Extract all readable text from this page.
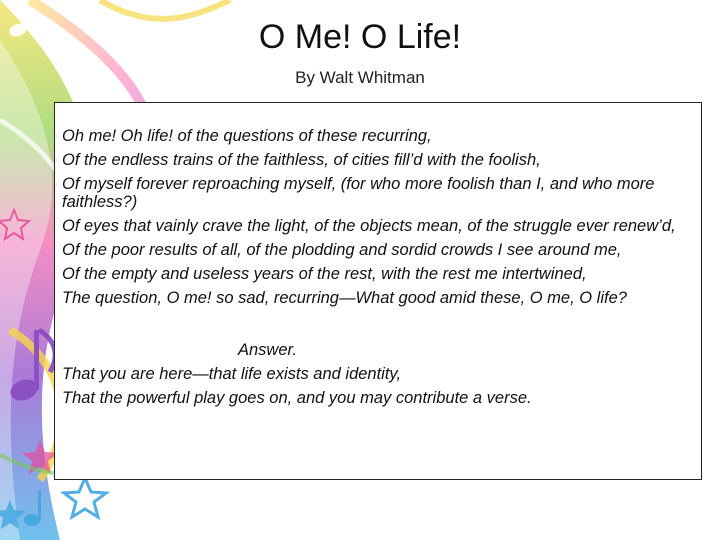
O Me! O Life!
By Walt Whitman
Oh me! Oh life! of the questions of these recurring,
Of the endless trains of the faithless, of cities fill’d with the foolish,
Of myself forever reproaching myself, (for who more foolish than I, and who more faithless?)
Of eyes that vainly crave the light, of the objects mean, of the struggle ever renew’d,
Of the poor results of all, of the plodding and sordid crowds I see around me,
Of the empty and useless years of the rest, with the rest me intertwined,
The question, O me! so sad, recurring—What good amid these, O me, O life?
Answer.
That you are here—that life exists and identity,
That the powerful play goes on, and you may contribute a verse.
